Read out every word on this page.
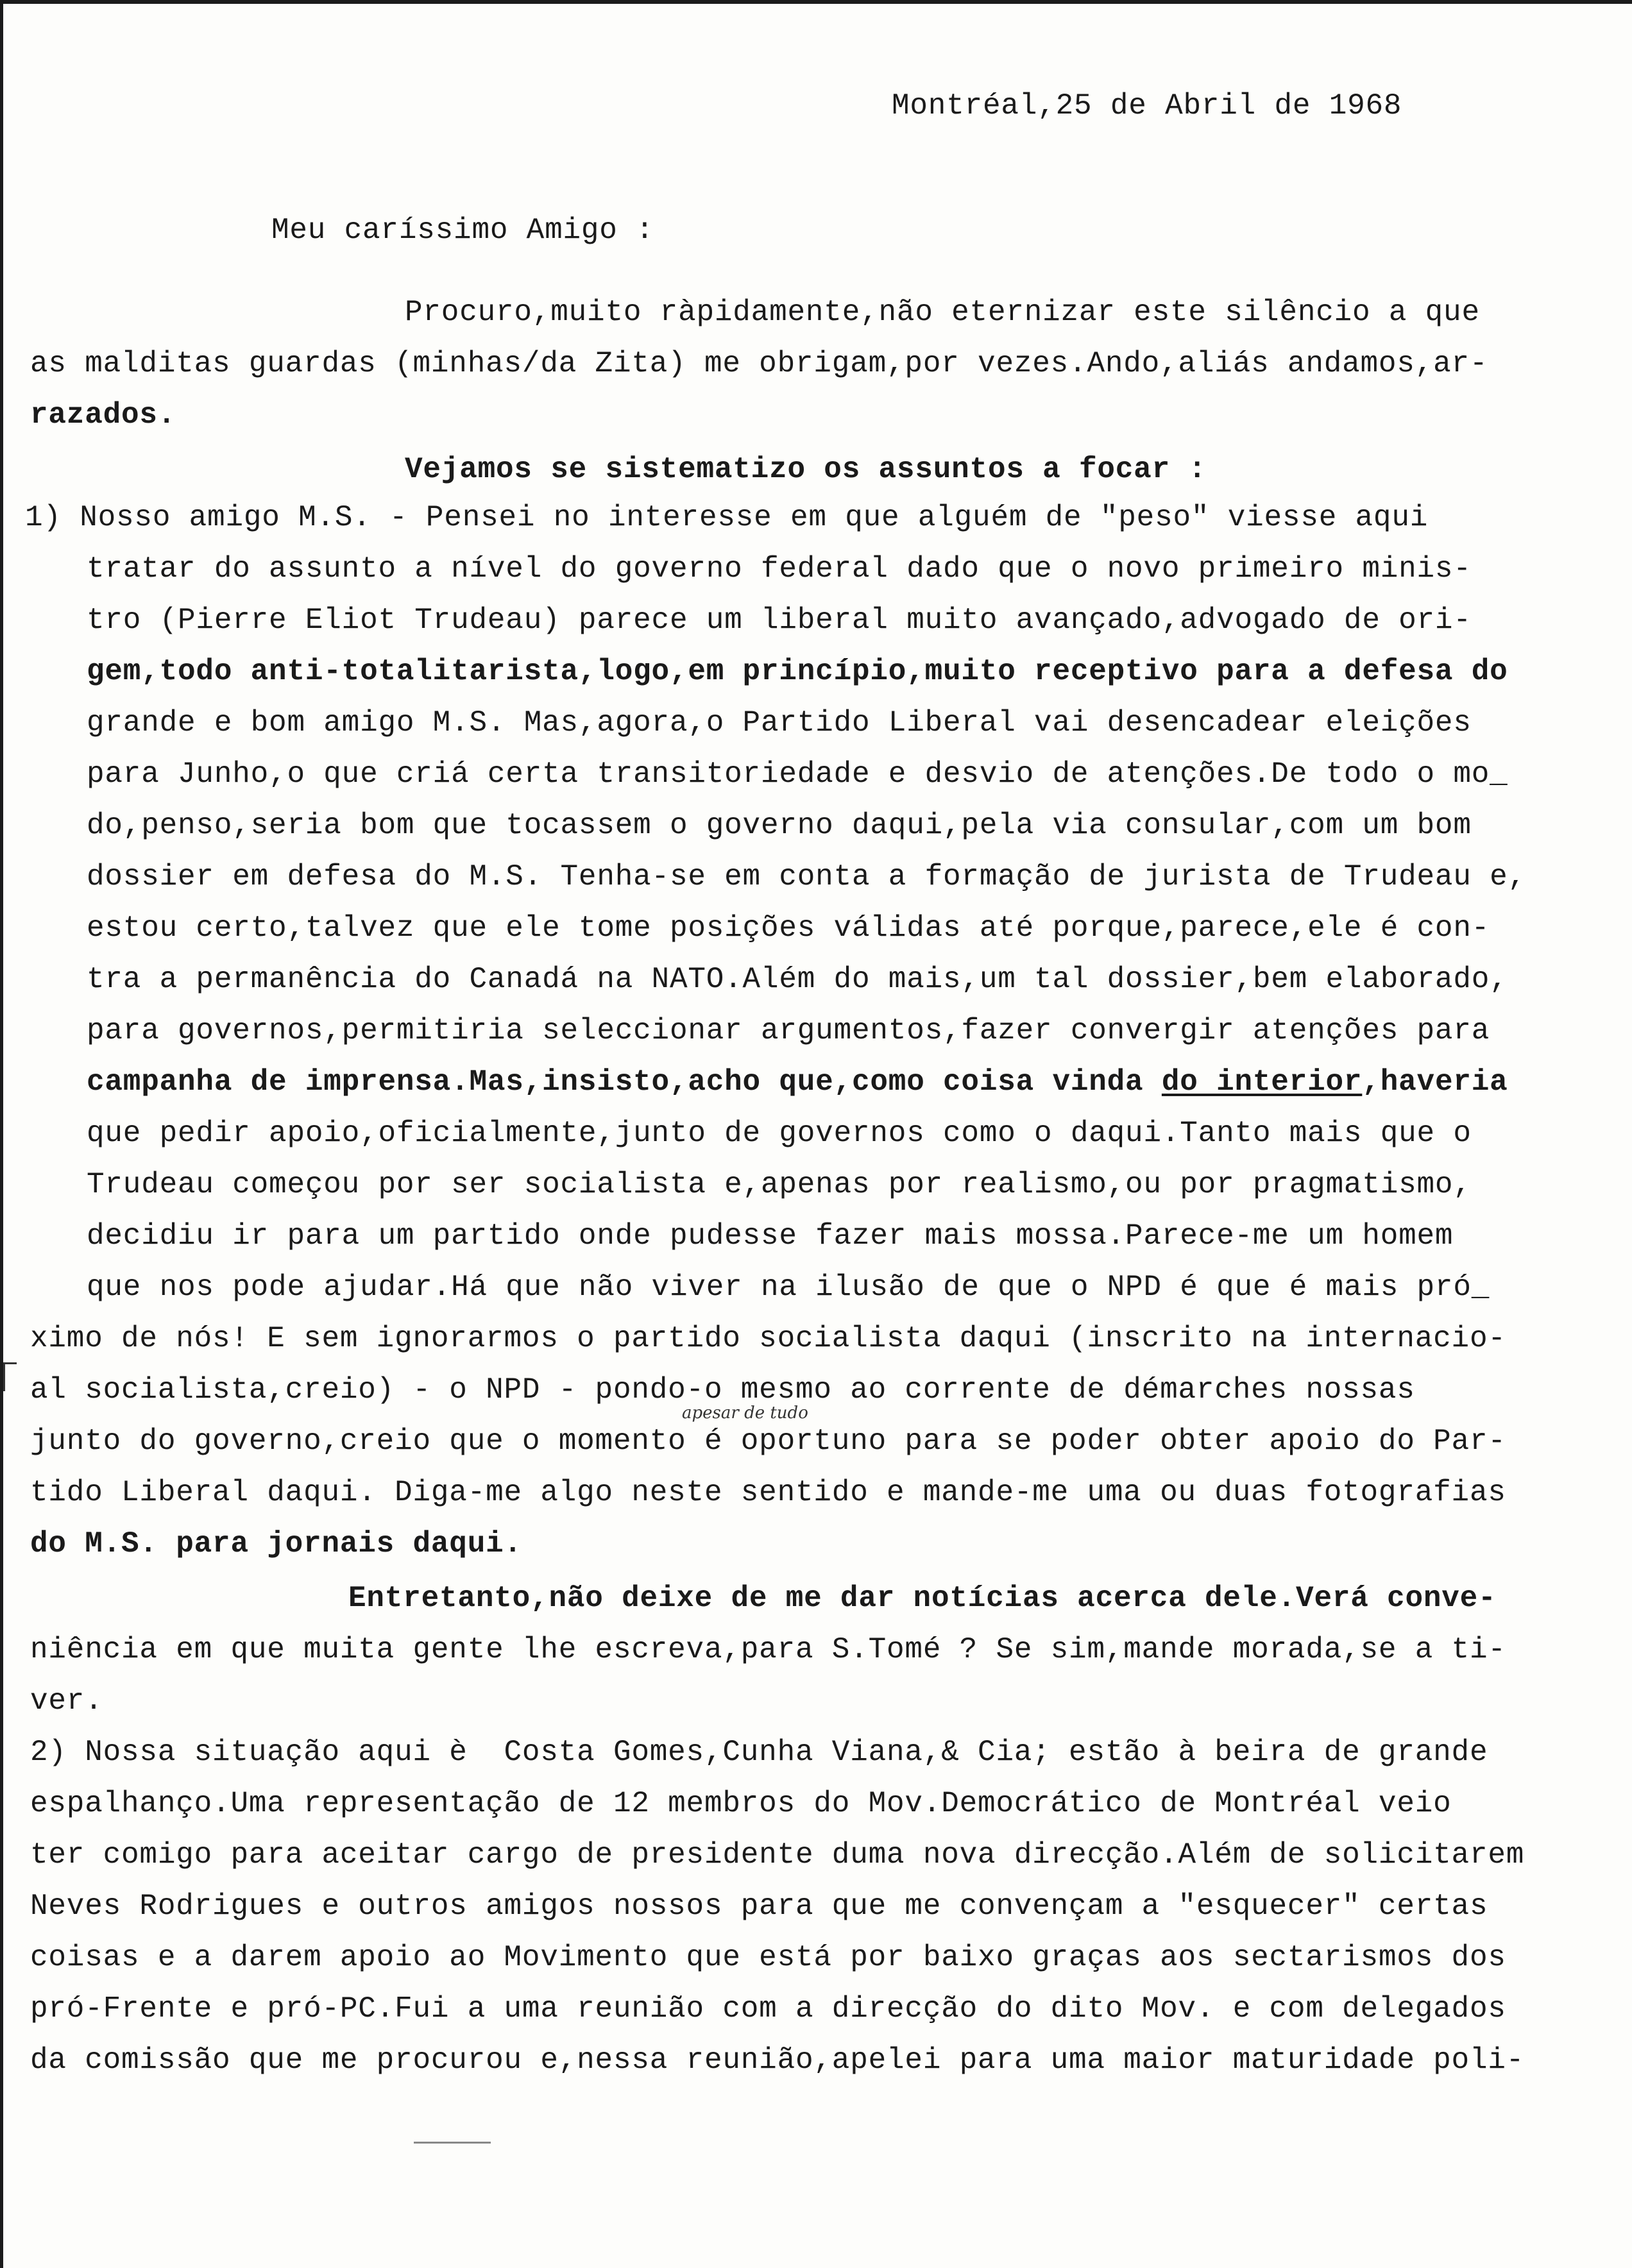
Montréal,25 de Abril de 1968
Meu caríssimo Amigo :
Procuro,muito ràpidamente,não eternizar este silêncio a que
as malditas guardas (minhas/da Zita) me obrigam,por vezes.Ando,aliás andamos,ar-
razados.
Vejamos se sistematizo os assuntos a focar :
1) Nosso amigo M.S. - Pensei no interesse em que alguém de "peso" viesse aqui
tratar do assunto a nível do governo federal dado que o novo primeiro minis-
tro (Pierre Eliot Trudeau) parece um liberal muito avançado,advogado de ori-
gem,todo anti-totalitarista,logo,em princípio,muito receptivo para a defesa do
grande e bom amigo M.S. Mas,agora,o Partido Liberal vai desencadear eleições
para Junho,o que criá certa transitoriedade e desvio de atenções.De todo o mo_
do,penso,seria bom que tocassem o governo daqui,pela via consular,com um bom
dossier em defesa do M.S. Tenha-se em conta a formação de jurista de Trudeau e,
estou certo,talvez que ele tome posições válidas até porque,parece,ele é con-
tra a permanência do Canadá na NATO.Além do mais,um tal dossier,bem elaborado,
para governos,permitiria seleccionar argumentos,fazer convergir atenções para
campanha de imprensa.Mas,insisto,acho que,como coisa vinda do interior,haveria
que pedir apoio,oficialmente,junto de governos como o daqui.Tanto mais que o
Trudeau começou por ser socialista e,apenas por realismo,ou por pragmatismo,
decidiu ir para um partido onde pudesse fazer mais mossa.Parece-me um homem
que nos pode ajudar.Há que não viver na ilusão de que o NPD é que é mais pró_
ximo de nós! E sem ignorarmos o partido socialista daqui (inscrito na internacio-
al socialista,creio) - o NPD - pondo-o mesmo ao corrente de démarches nossas
apesar de tudo
junto do governo,creio que o momento é oportuno para se poder obter apoio do Par-
tido Liberal daqui. Diga-me algo neste sentido e mande-me uma ou duas fotografias
do M.S. para jornais daqui.
Entretanto,não deixe de me dar notícias acerca dele.Verá conve-
niência em que muita gente lhe escreva,para S.Tomé ? Se sim,mande morada,se a ti-
ver.
2) Nossa situação aqui è  Costa Gomes,Cunha Viana,& Cia; estão à beira de grande
espalhanço.Uma representação de 12 membros do Mov.Democrático de Montréal veio
ter comigo para aceitar cargo de presidente duma nova direcção.Além de solicitarem
Neves Rodrigues e outros amigos nossos para que me convençam a "esquecer" certas
coisas e a darem apoio ao Movimento que está por baixo graças aos sectarismos dos
pró-Frente e pró-PC.Fui a uma reunião com a direcção do dito Mov. e com delegados
da comissão que me procurou e,nessa reunião,apelei para uma maior maturidade poli-
